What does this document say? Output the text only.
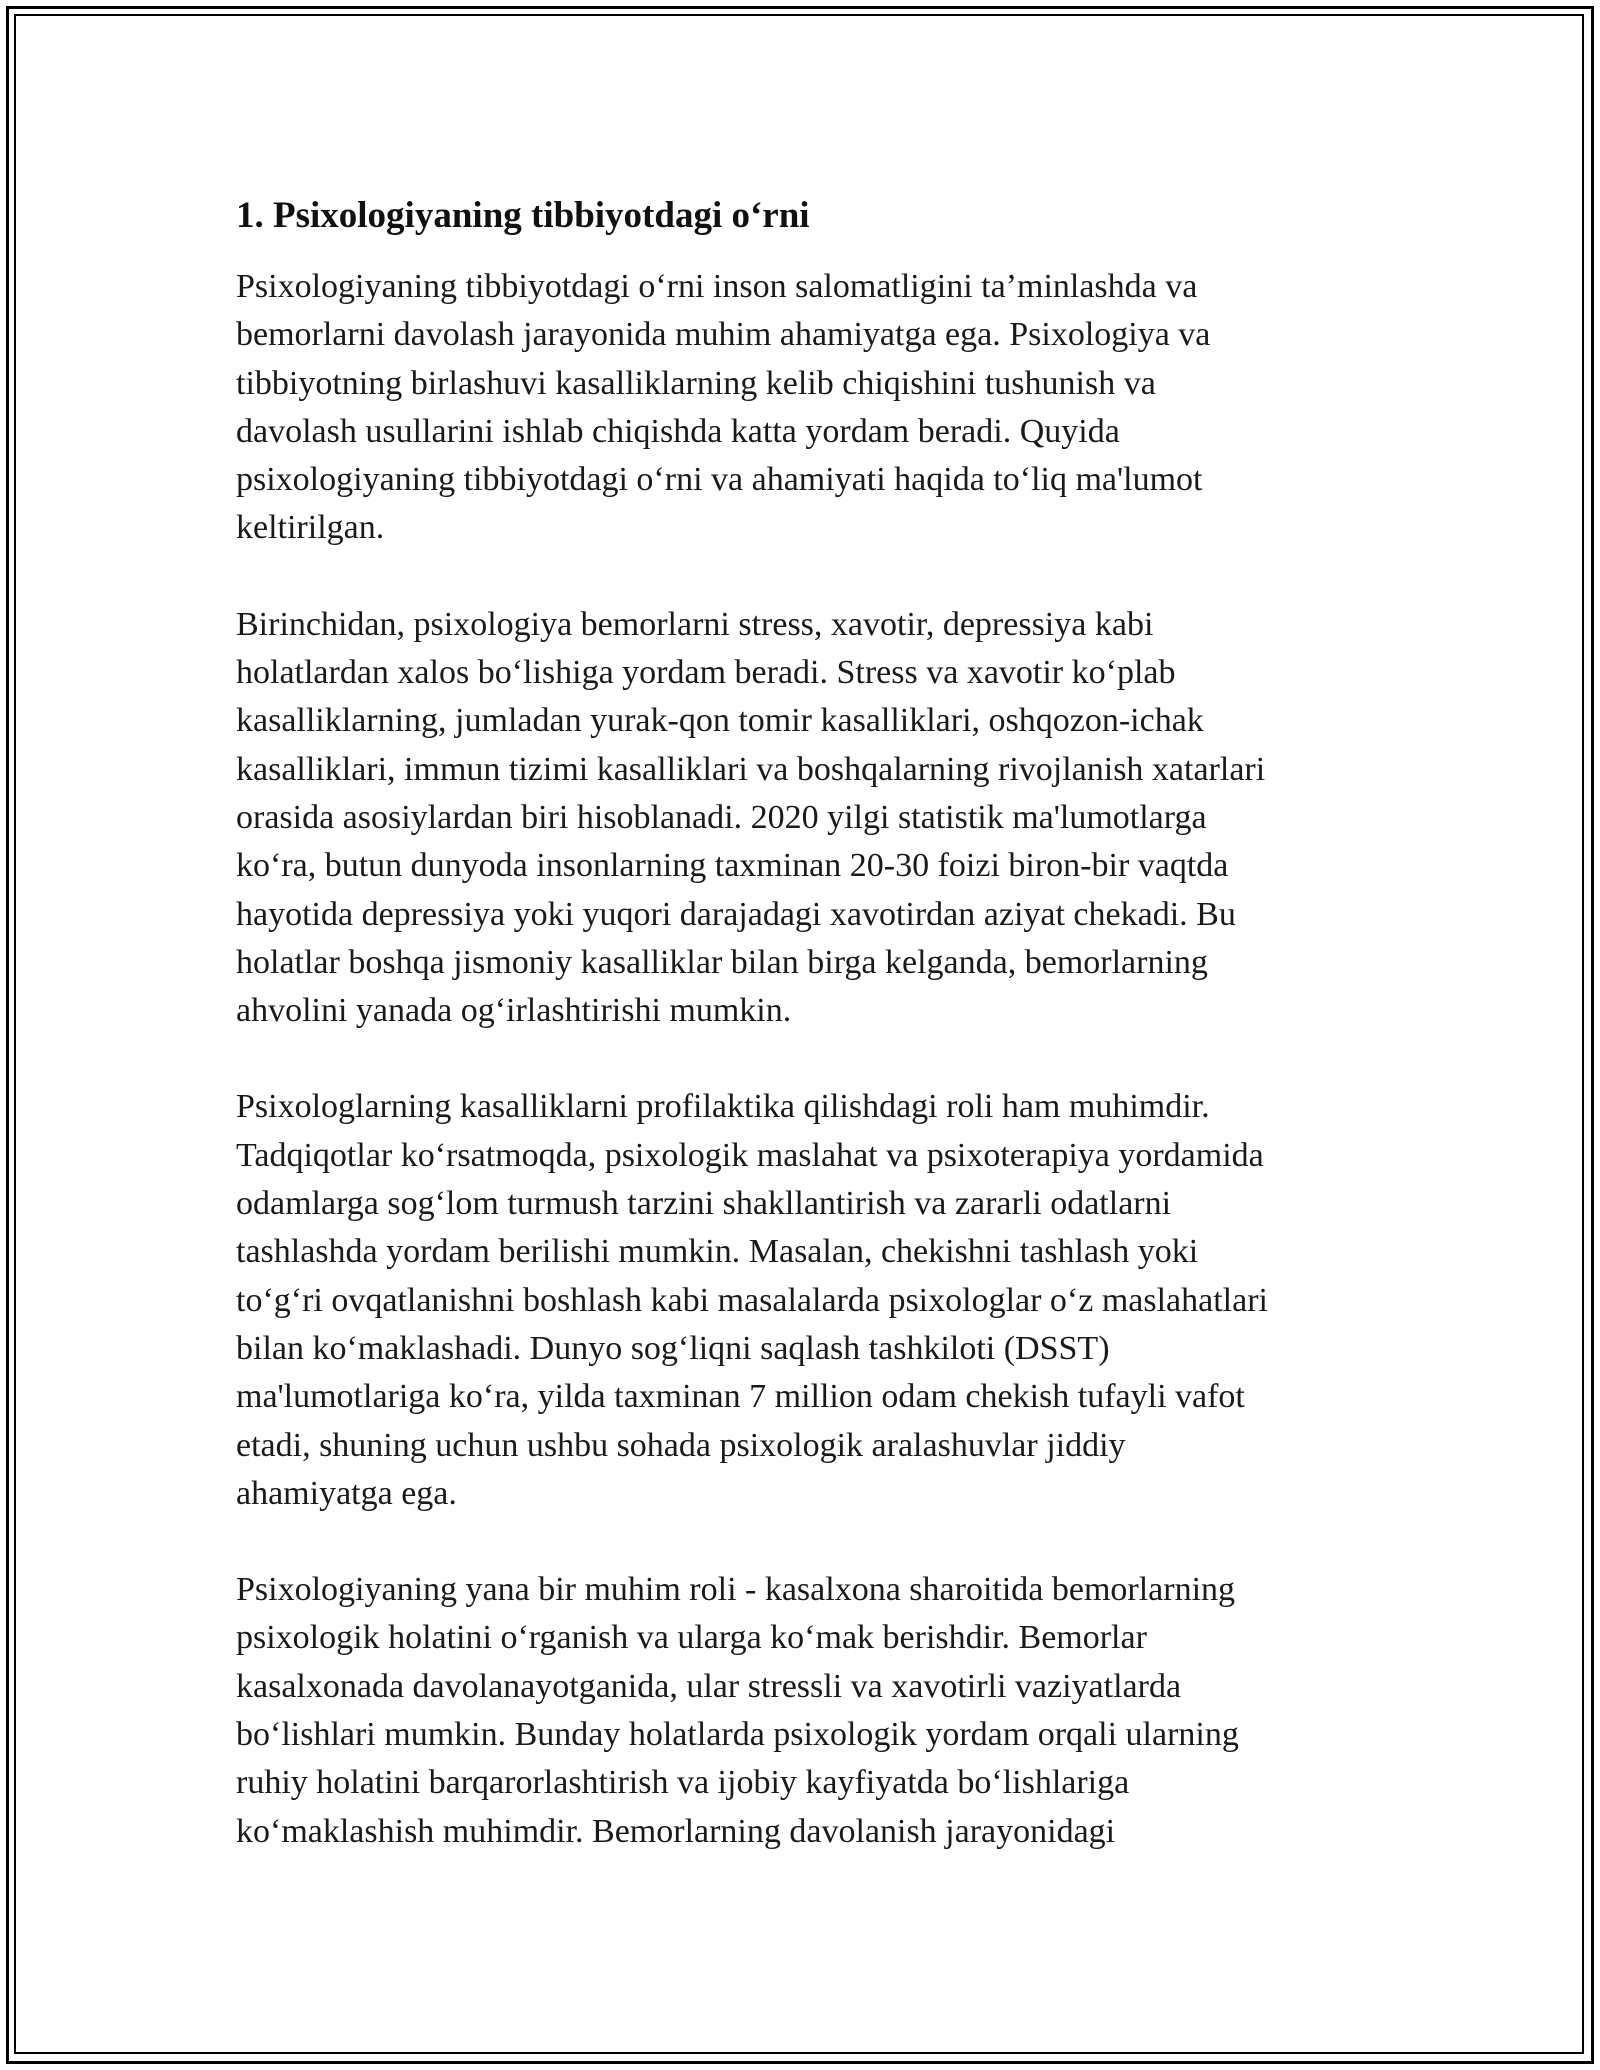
1. Psixologiyaning tibbiyotdagi o‘rni

Psixologiyaning tibbiyotdagi o‘rni inson salomatligini ta’minlashda va
bemorlarni davolash jarayonida muhim ahamiyatga ega. Psixologiya va
tibbiyotning birlashuvi kasalliklarning kelib chiqishini tushunish va
davolash usullarini ishlab chiqishda katta yordam beradi. Quyida
psixologiyaning tibbiyotdagi o‘rni va ahamiyati haqida to‘liq ma'lumot
keltirilgan.

Birinchidan, psixologiya bemorlarni stress, xavotir, depressiya kabi
holatlardan xalos bo‘lishiga yordam beradi. Stress va xavotir ko‘plab
kasalliklarning, jumladan yurak-qon tomir kasalliklari, oshqozon-ichak
kasalliklari, immun tizimi kasalliklari va boshqalarning rivojlanish xatarlari
orasida asosiylardan biri hisoblanadi. 2020 yilgi statistik ma'lumotlarga
ko‘ra, butun dunyoda insonlarning taxminan 20-30 foizi biron-bir vaqtda
hayotida depressiya yoki yuqori darajadagi xavotirdan aziyat chekadi. Bu
holatlar boshqa jismoniy kasalliklar bilan birga kelganda, bemorlarning
ahvolini yanada og‘irlashtirishi mumkin.

Psixologlarning kasalliklarni profilaktika qilishdagi roli ham muhimdir.
Tadqiqotlar ko‘rsatmoqda, psixologik maslahat va psixoterapiya yordamida
odamlarga sog‘lom turmush tarzini shakllantirish va zararli odatlarni
tashlashda yordam berilishi mumkin. Masalan, chekishni tashlash yoki
to‘g‘ri ovqatlanishni boshlash kabi masalalarda psixologlar o‘z maslahatlari
bilan ko‘maklashadi. Dunyo sog‘liqni saqlash tashkiloti (DSST)
ma'lumotlariga ko‘ra, yilda taxminan 7 million odam chekish tufayli vafot
etadi, shuning uchun ushbu sohada psixologik aralashuvlar jiddiy
ahamiyatga ega.

Psixologiyaning yana bir muhim roli - kasalxona sharoitida bemorlarning
psixologik holatini o‘rganish va ularga ko‘mak berishdir. Bemorlar
kasalxonada davolanayotganida, ular stressli va xavotirli vaziyatlarda
bo‘lishlari mumkin. Bunday holatlarda psixologik yordam orqali ularning
ruhiy holatini barqarorlashtirish va ijobiy kayfiyatda bo‘lishlariga
ko‘maklashish muhimdir. Bemorlarning davolanish jarayonidagi
